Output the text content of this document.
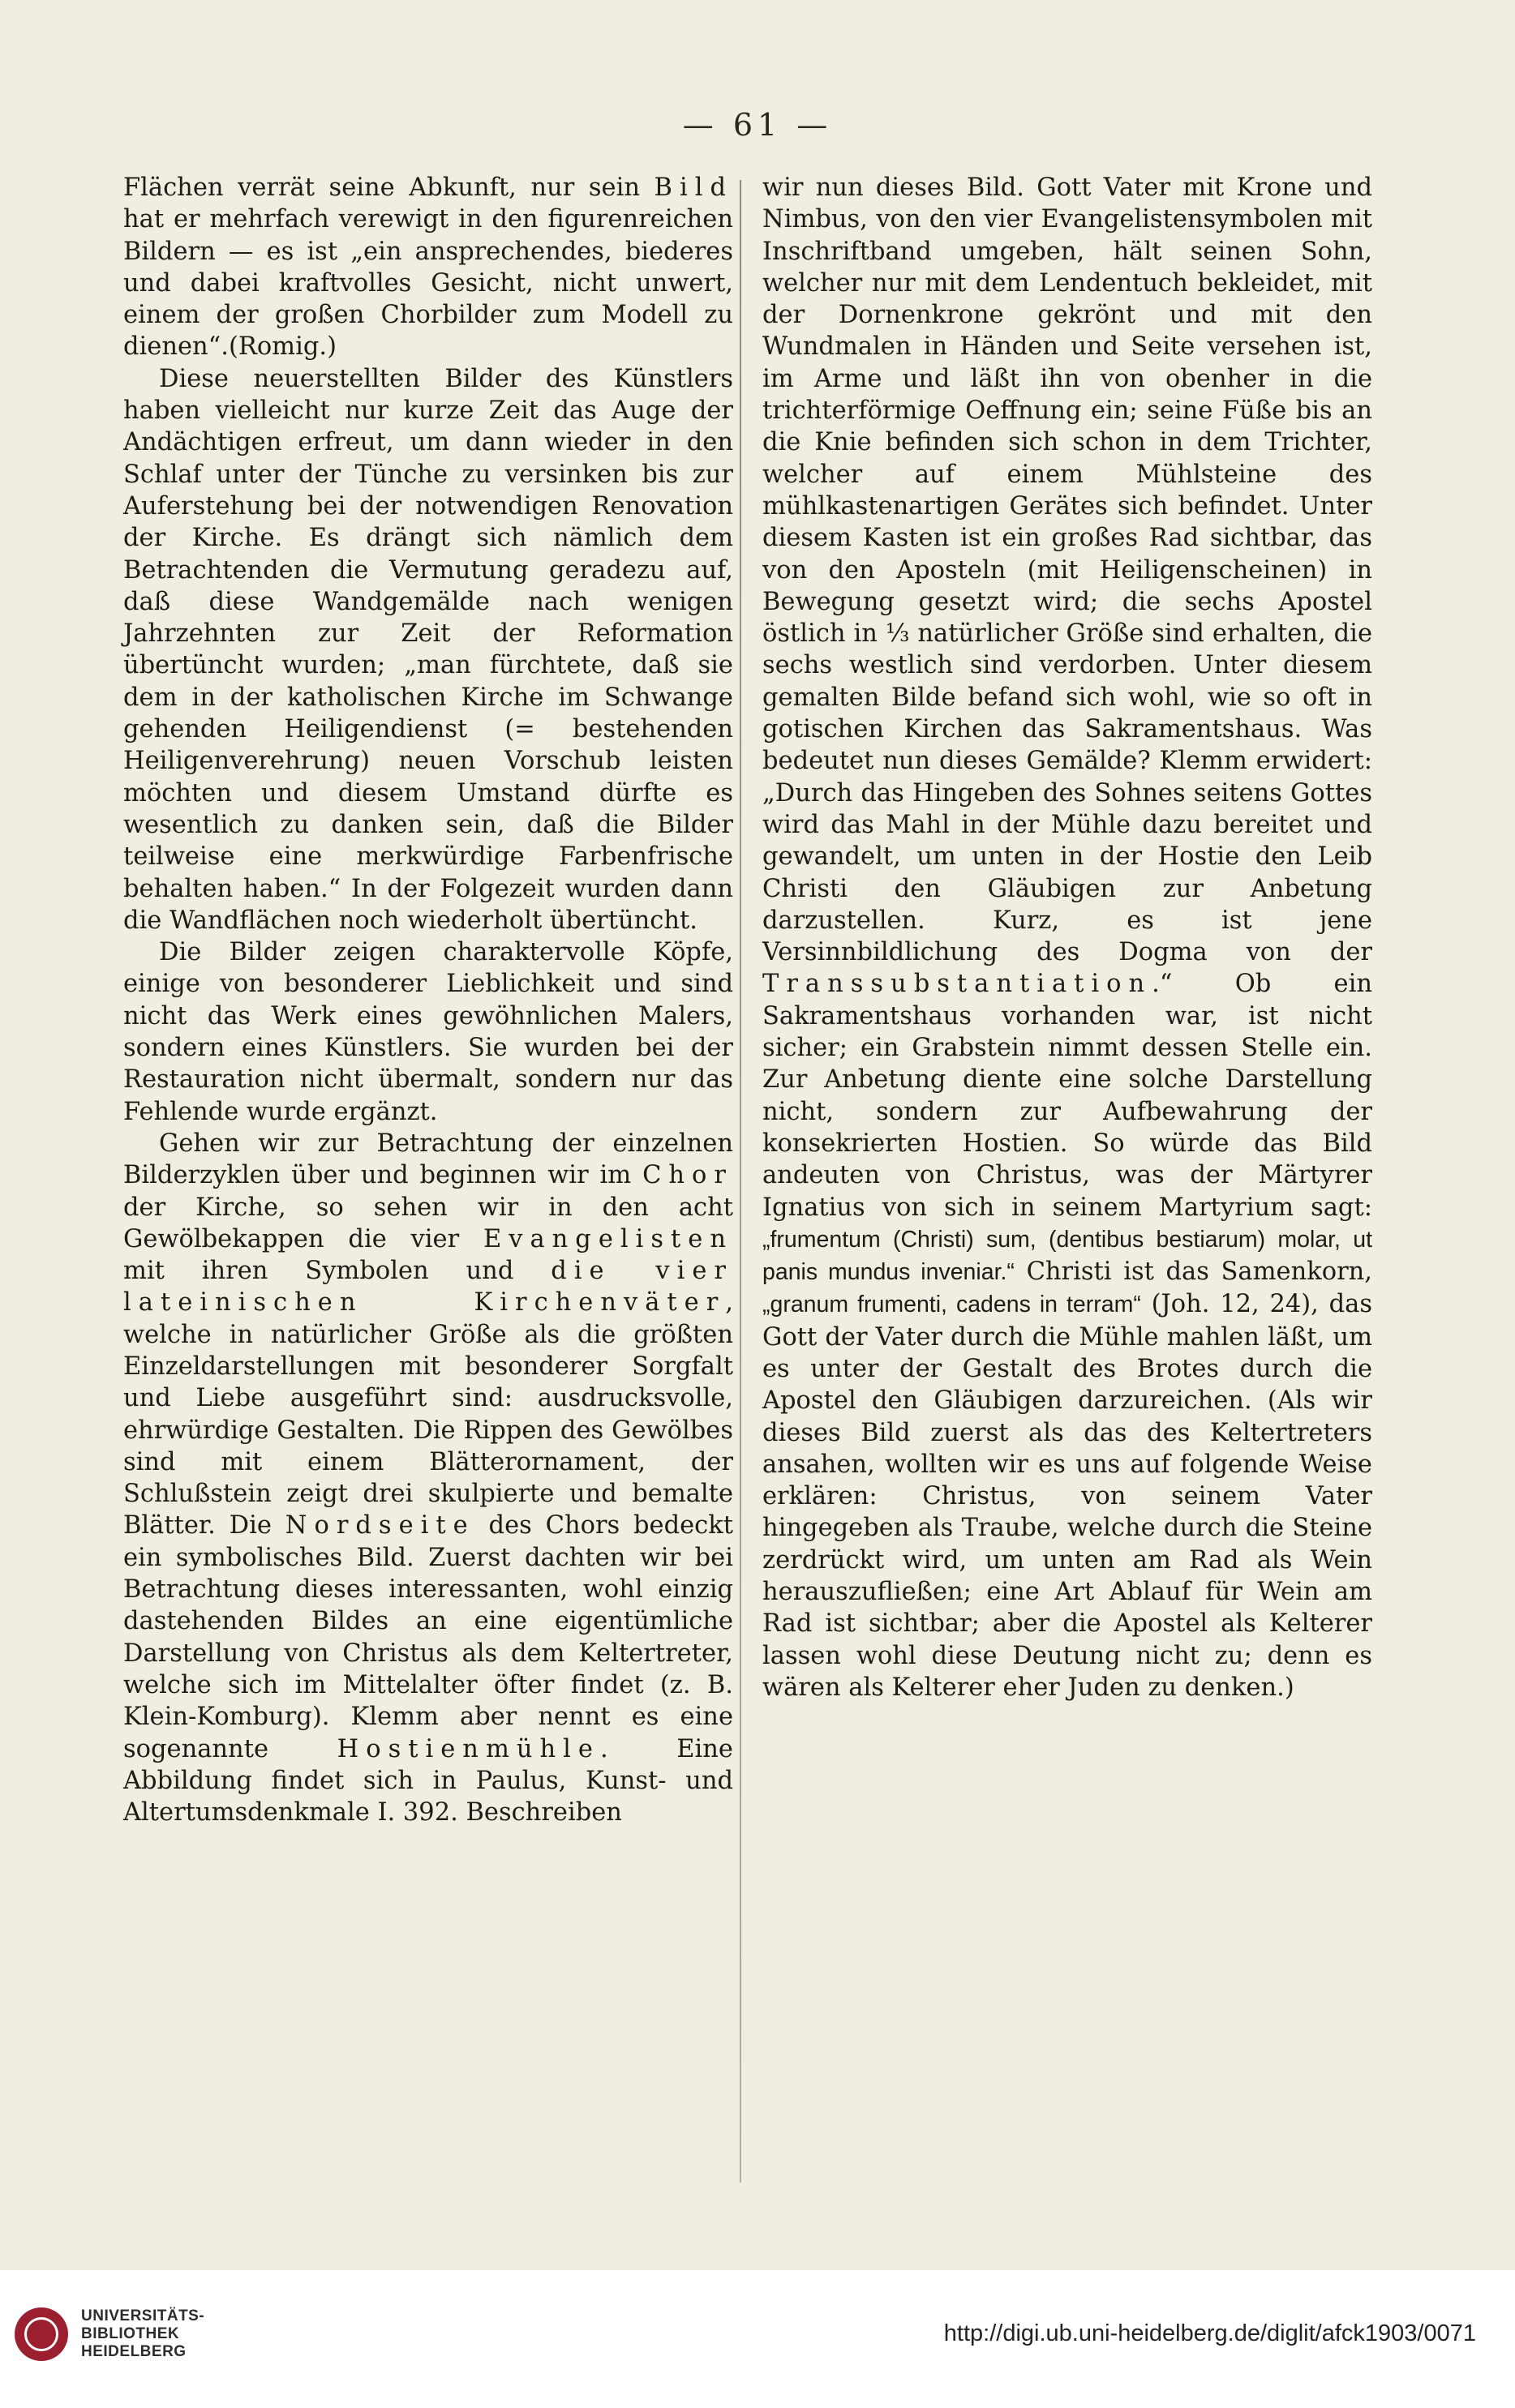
— 61 —

Flächen verrät seine Abkunft, nur sein Bild hat er mehrfach verewigt in den figurenreichen Bildern — es ist „ein ansprechendes, biederes und dabei kraftvolles Gesicht, nicht unwert, einem der großen Chorbilder zum Modell zu dienen“.(Romig.)

Diese neuerstellten Bilder des Künstlers haben vielleicht nur kurze Zeit das Auge der Andächtigen erfreut, um dann wieder in den Schlaf unter der Tünche zu versinken bis zur Auferstehung bei der notwendigen Renovation der Kirche. Es drängt sich nämlich dem Betrachtenden die Vermutung geradezu auf, daß diese Wandgemälde nach wenigen Jahrzehnten zur Zeit der Reformation übertüncht wurden; „man fürchtete, daß sie dem in der katholischen Kirche im Schwange gehenden Heiligendienst (= bestehenden Heiligenverehrung) neuen Vorschub leisten möchten und diesem Umstand dürfte es wesentlich zu danken sein, daß die Bilder teilweise eine merkwürdige Farbenfrische behalten haben.“ In der Folgezeit wurden dann die Wandflächen noch wiederholt übertüncht.

Die Bilder zeigen charaktervolle Köpfe, einige von besonderer Lieblichkeit und sind nicht das Werk eines gewöhnlichen Malers, sondern eines Künstlers. Sie wurden bei der Restauration nicht übermalt, sondern nur das Fehlende wurde ergänzt.

Gehen wir zur Betrachtung der einzelnen Bilderzyklen über und beginnen wir im Chor der Kirche, so sehen wir in den acht Gewölbekappen die vier Evangelisten mit ihren Symbolen und die vier lateinischen Kirchenväter, welche in natürlicher Größe als die größten Einzeldarstellungen mit besonderer Sorgfalt und Liebe ausgeführt sind: ausdrucksvolle, ehrwürdige Gestalten. Die Rippen des Gewölbes sind mit einem Blätterornament, der Schlußstein zeigt drei skulpierte und bemalte Blätter. Die Nordseite des Chors bedeckt ein symbolisches Bild. Zuerst dachten wir bei Betrachtung dieses interessanten, wohl einzig dastehenden Bildes an eine eigentümliche Darstellung von Christus als dem Keltertreter, welche sich im Mittelalter öfter findet (z. B. Klein-Komburg). Klemm aber nennt es eine sogenannte Hostienmühle. Eine Abbildung findet sich in Paulus, Kunst- und Altertumsdenkmale I. 392. Beschreiben

wir nun dieses Bild. Gott Vater mit Krone und Nimbus, von den vier Evangelistensymbolen mit Inschriftband umgeben, hält seinen Sohn, welcher nur mit dem Lendentuch bekleidet, mit der Dornenkrone gekrönt und mit den Wundmalen in Händen und Seite versehen ist, im Arme und läßt ihn von obenher in die trichterförmige Oeffnung ein; seine Füße bis an die Knie befinden sich schon in dem Trichter, welcher auf einem Mühlsteine des mühlkastenartigen Gerätes sich befindet. Unter diesem Kasten ist ein großes Rad sichtbar, das von den Aposteln (mit Heiligenscheinen) in Bewegung gesetzt wird; die sechs Apostel östlich in ⅓ natürlicher Größe sind erhalten, die sechs westlich sind verdorben. Unter diesem gemalten Bilde befand sich wohl, wie so oft in gotischen Kirchen das Sakramentshaus. Was bedeutet nun dieses Gemälde? Klemm erwidert: „Durch das Hingeben des Sohnes seitens Gottes wird das Mahl in der Mühle dazu bereitet und gewandelt, um unten in der Hostie den Leib Christi den Gläubigen zur Anbetung darzustellen. Kurz, es ist jene Versinnbildlichung des Dogma von der Transsubstantiation.“ Ob ein Sakramentshaus vorhanden war, ist nicht sicher; ein Grabstein nimmt dessen Stelle ein. Zur Anbetung diente eine solche Darstellung nicht, sondern zur Aufbewahrung der konsekrierten Hostien. So würde das Bild andeuten von Christus, was der Märtyrer Ignatius von sich in seinem Martyrium sagt: „frumentum (Christi) sum, (dentibus bestiarum) molar, ut panis mundus inveniar.“ Christi ist das Samenkorn, „granum frumenti, cadens in terram“ (Joh. 12, 24), das Gott der Vater durch die Mühle mahlen läßt, um es unter der Gestalt des Brotes durch die Apostel den Gläubigen darzureichen. (Als wir dieses Bild zuerst als das des Keltertreters ansahen, wollten wir es uns auf folgende Weise erklären: Christus, von seinem Vater hingegeben als Traube, welche durch die Steine zerdrückt wird, um unten am Rad als Wein herauszufließen; eine Art Ablauf für Wein am Rad ist sichtbar; aber die Apostel als Kelterer lassen wohl diese Deutung nicht zu; denn es wären als Kelterer eher Juden zu denken.)

UNIVERSITÄTS-
BIBLIOTHEK
HEIDELBERG
http://digi.ub.uni-heidelberg.de/diglit/afck1903/0071
